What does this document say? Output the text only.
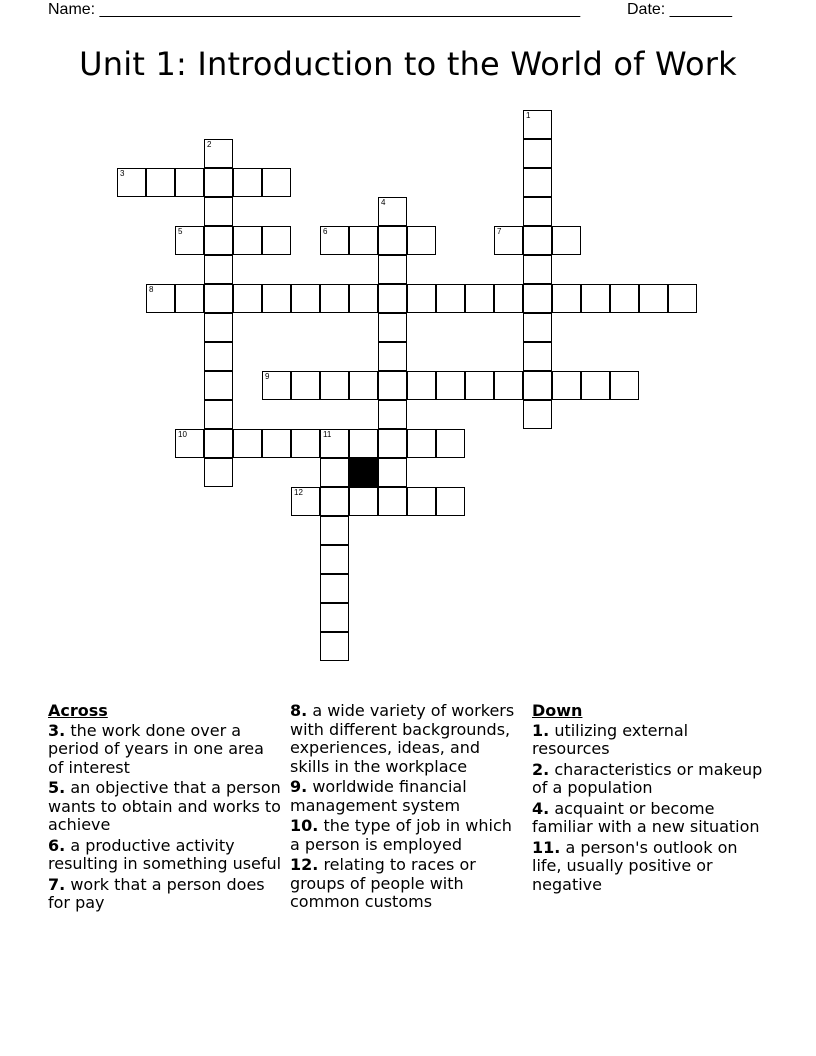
Name: ______________________________________________________	Date: _______
Unit 1: Introduction to the World of Work
1
2
3
4
5	6	7
8
9
10	11
12
Across
3. the work done over a period of years in one area of interest
5. an objective that a person wants to obtain and works to achieve
6. a productive activity resulting in something useful
7. work that a person does for pay
8. a wide variety of workers with different backgrounds, experiences, ideas, and skills in the workplace
9. worldwide financial management system
10. the type of job in which a person is employed
12. relating to races or groups of people with common customs
Down
1. utilizing external resources
2. characteristics or makeup of a population
4. acquaint or become familiar with a new situation
11. a person's outlook on life, usually positive or negative
